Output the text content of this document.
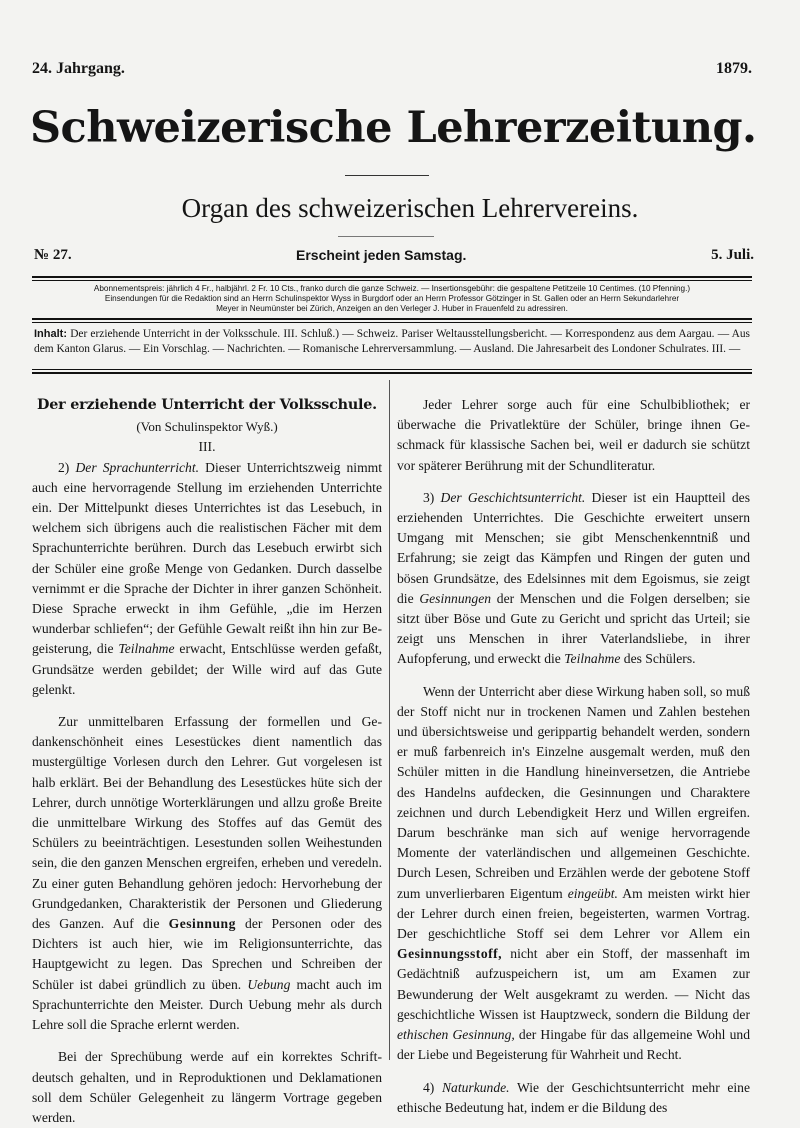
24. Jahrgang.	1879.
Schweizerische Lehrerzeitung.
Organ des schweizerischen Lehrervereins.
№ 27.	Erscheint jeden Samstag.	5. Juli.
Abonnementspreis: jährlich 4 Fr., halbjährl. 2 Fr. 10 Cts., franko durch die ganze Schweiz. — Insertionsgebühr: die gespaltene Petitzeile 10 Centimes. (10 Pfenning.)
Einsendungen für die Redaktion sind an Herrn Schulinspektor Wyss in Burgdorf oder an Herrn Professor Götzinger in St. Gallen oder an Herrn Sekundarlehrer
Meyer in Neumünster bei Zürich, Anzeigen an den Verleger J. Huber in Frauenfeld zu adressiren.
Inhalt: Der erziehende Unterricht in der Volksschule. III. Schluß.) — Schweiz. Pariser Weltausstellungsbericht. — Korrespondenz aus dem Aargau. — Aus dem Kanton Glarus. — Ein Vorschlag. — Nachrichten. — Romanische Lehrerversammlung. — Ausland. Die Jahresarbeit des Londoner Schulrates. III. —
Der erziehende Unterricht der Volksschule.

(Von Schulinspektor Wyß.)

III.

2) Der Sprachunterricht. Dieser Unterrichtszweig nimmt auch eine hervorragende Stellung im erziehenden Unterrichte ein. Der Mittelpunkt dieses Unterrichtes ist das Lesebuch, in welchem sich übrigens auch die realistischen Fächer mit dem Sprachunterrichte berühren. Durch das Lesebuch erwirbt sich der Schüler eine große Menge von Gedanken. Durch dasselbe vernimmt er die Sprache der Dichter in ihrer ganzen Schönheit. Diese Sprache erweckt in ihm Gefühle, „die im Herzen wunderbar schliefen“; der Gefühle Gewalt reißt ihn hin zur Begeisterung, die Teilnahme erwacht, Entschlüsse werden gefaßt, Grundsätze werden gebildet; der Wille wird auf das Gute gelenkt.

Zur unmittelbaren Erfassung der formellen und Gedankenschönheit eines Lesestückes dient namentlich das mustergültige Vorlesen durch den Lehrer. Gut vorgelesen ist halb erklärt. Bei der Behandlung des Lesestückes hüte sich der Lehrer, durch unnötige Worterklärungen und allzu große Breite die unmittelbare Wirkung des Stoffes auf das Gemüt des Schülers zu beeinträchtigen. Lesestunden sollen Weihestunden sein, die den ganzen Menschen ergreifen, erheben und veredeln. Zu einer guten Behandlung gehören jedoch: Hervorhebung der Grundgedanken, Charakteristik der Personen und Gliederung des Ganzen. Auf die Gesinnung der Personen oder des Dichters ist auch hier, wie im Religionsunterrichte, das Hauptgewicht zu legen. Das Sprechen und Schreiben der Schüler ist dabei gründlich zu üben. Uebung macht auch im Sprachunterrichte den Meister. Durch Uebung mehr als durch Lehre soll die Sprache erlernt werden.

Bei der Sprechübung werde auf ein korrektes Schriftdeutsch gehalten, und in Reproduktionen und Deklamationen soll dem Schüler Gelegenheit zu längerm Vortrage gegeben werden.

Jeder Lehrer sorge auch für eine Schulbibliothek; er überwache die Privatlektüre der Schüler, bringe ihnen Geschmack für klassische Sachen bei, weil er dadurch sie schützt vor späterer Berührung mit der Schundliteratur.

3) Der Geschichtsunterricht. Dieser ist ein Hauptteil des erziehenden Unterrichtes. Die Geschichte erweitert unsern Umgang mit Menschen; sie gibt Menschenkenntniß und Erfahrung; sie zeigt das Kämpfen und Ringen der guten und bösen Grundsätze, des Edelsinnes mit dem Egoismus, sie zeigt die Gesinnungen der Menschen und die Folgen derselben; sie sitzt über Böse und Gute zu Gericht und spricht das Urteil; sie zeigt uns Menschen in ihrer Vaterlandsliebe, in ihrer Aufopferung, und erweckt die Teilnahme des Schülers.

Wenn der Unterricht aber diese Wirkung haben soll, so muß der Stoff nicht nur in trockenen Namen und Zahlen bestehen und übersichtsweise und gerippartig behandelt werden, sondern er muß farbenreich in's Einzelne ausgemalt werden, muß den Schüler mitten in die Handlung hineinversetzen, die Antriebe des Handelns aufdecken, die Gesinnungen und Charaktere zeichnen und durch Lebendigkeit Herz und Willen ergreifen. Darum beschränke man sich auf wenige hervorragende Momente der vaterländischen und allgemeinen Geschichte. Durch Lesen, Schreiben und Erzählen werde der gebotene Stoff zum unverlierbaren Eigentum eingeübt. Am meisten wirkt hier der Lehrer durch einen freien, begeisterten, warmen Vortrag. Der geschichtliche Stoff sei dem Lehrer vor Allem ein Gesinnungsstoff, nicht aber ein Stoff, der massenhaft im Gedächtniß aufzuspeichern ist, um am Examen zur Bewunderung der Welt ausgekramt zu werden. — Nicht das geschichtliche Wissen ist Hauptzweck, sondern die Bildung der ethischen Gesinnung, der Hingabe für das allgemeine Wohl und der Liebe und Begeisterung für Wahrheit und Recht.

4) Naturkunde. Wie der Geschichtsunterricht mehr eine ethische Bedeutung hat, indem er die Bildung des
